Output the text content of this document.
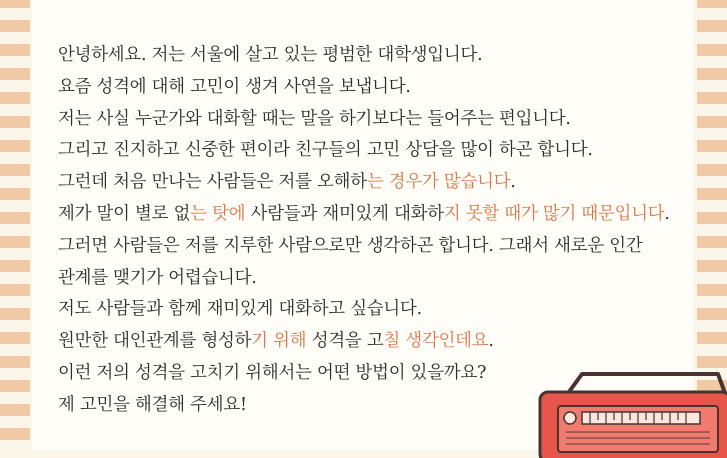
안녕하세요. 저는 서울에 살고 있는 평범한 대학생입니다.
요즘 성격에 대해 고민이 생겨 사연을 보냅니다.
저는 사실 누군가와 대화할 때는 말을 하기보다는 들어주는 편입니다.
그리고 진지하고 신중한 편이라 친구들의 고민 상담을 많이 하곤 합니다.
그런데 처음 만나는 사람들은 저를 오해하는 경우가 많습니다.
제가 말이 별로 없는 탓에 사람들과 재미있게 대화하지 못할 때가 많기 때문입니다.
그러면 사람들은 저를 지루한 사람으로만 생각하곤 합니다. 그래서 새로운 인간
관계를 맺기가 어렵습니다.
저도 사람들과 함께 재미있게 대화하고 싶습니다.
원만한 대인관계를 형성하기 위해 성격을 고칠 생각인데요.
이런 저의 성격을 고치기 위해서는 어떤 방법이 있을까요?
제 고민을 해결해 주세요!
